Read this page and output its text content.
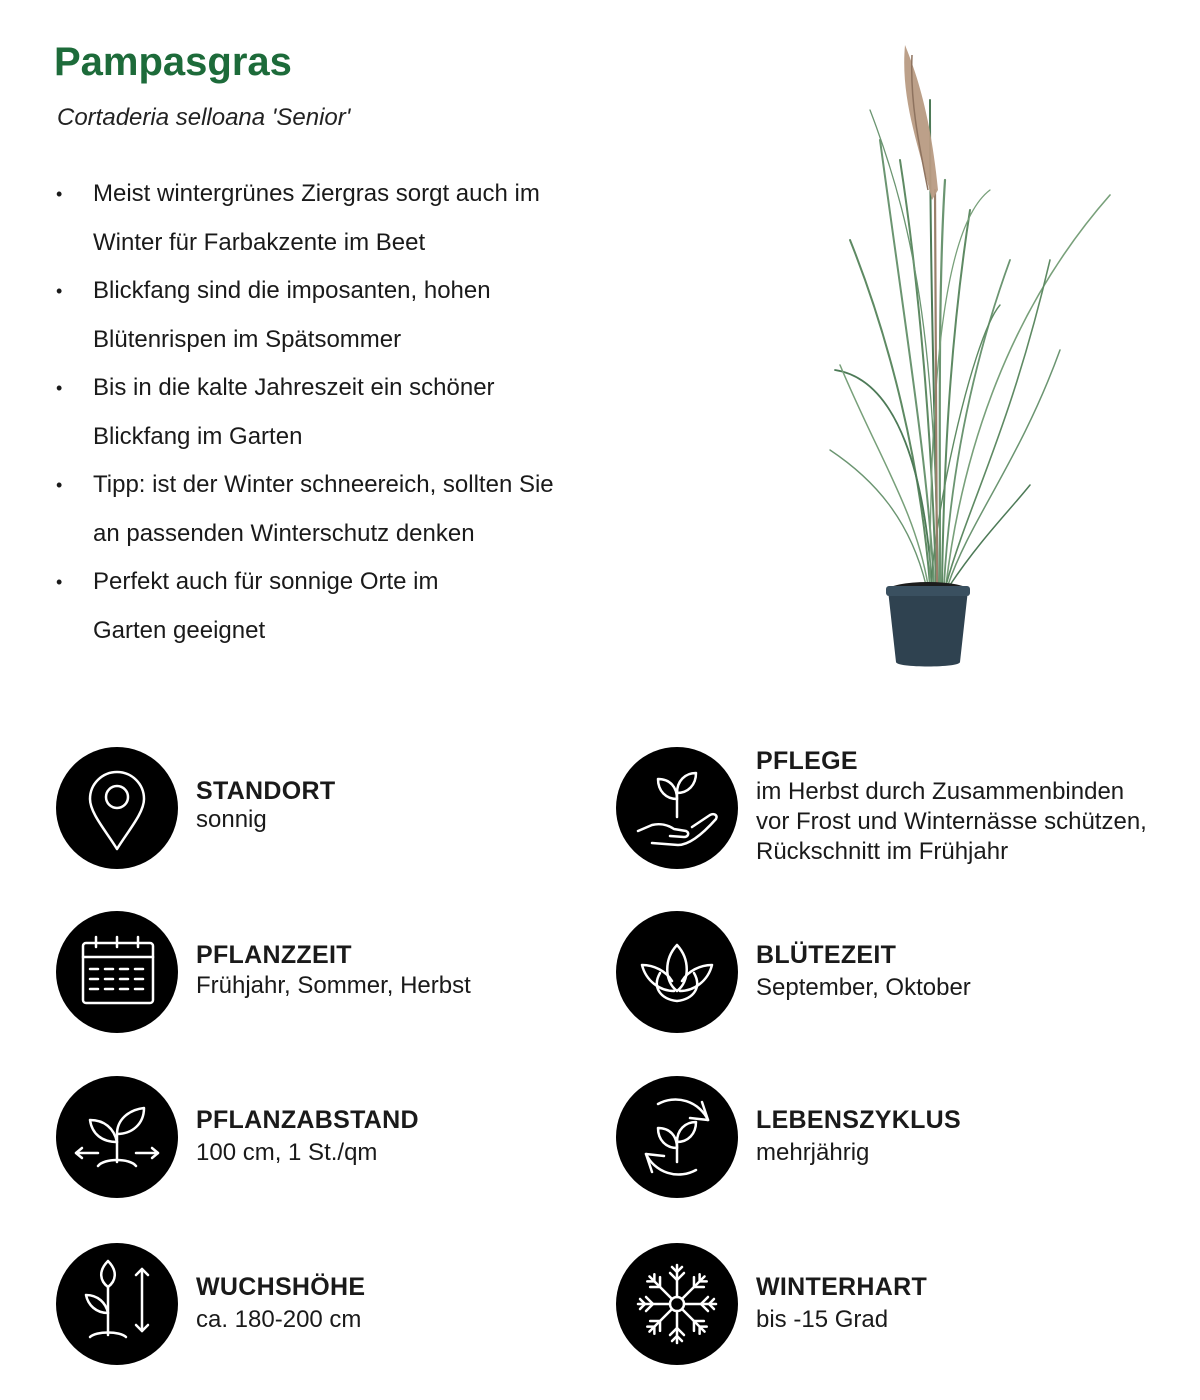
Pampasgras

Cortaderia selloana 'Senior'

• Meist wintergrünes Ziergras sorgt auch im
Winter für Farbakzente im Beet
• Blickfang sind die imposanten, hohen
Blütenrispen im Spätsommer
• Bis in die kalte Jahreszeit ein schöner
Blickfang im Garten
• Tipp: ist der Winter schneereich, sollten Sie
an passenden Winterschutz denken
• Perfekt auch für sonnige Orte im
Garten geeignet
STANDORT
sonnig
PFLEGE
im Herbst durch Zusammenbinden
vor Frost und Winternässe schützen,
Rückschnitt im Frühjahr
PFLANZZEIT
Frühjahr, Sommer, Herbst
BLÜTEZEIT
September, Oktober
PFLANZABSTAND
100 cm, 1 St./qm
LEBENSZYKLUS
mehrjährig
WUCHSHÖHE
ca. 180-200 cm
WINTERHART
bis -15 Grad
